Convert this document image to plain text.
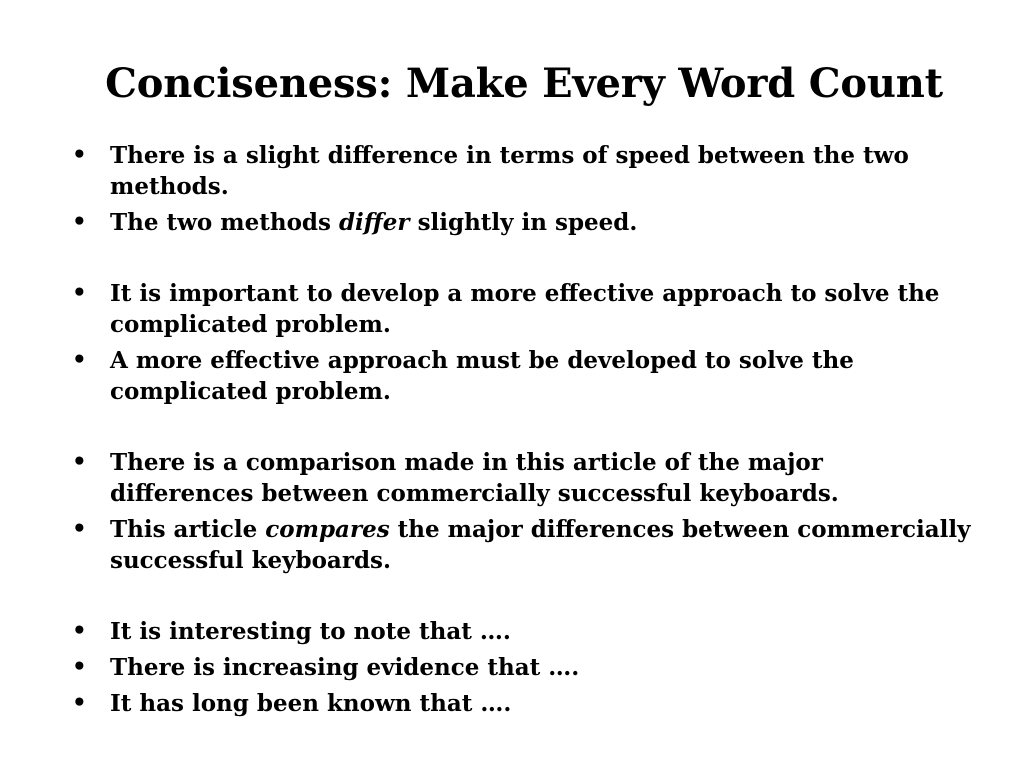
Conciseness: Make Every Word Count
• There is a slight difference in terms of speed between the two methods.
• The two methods differ slightly in speed.
• It is important to develop a more effective approach to solve the complicated problem.
• A more effective approach must be developed to solve the complicated problem.
• There is a comparison made in this article of the major differences between commercially successful keyboards.
• This article compares the major differences between commercially successful keyboards.
• It is interesting to note that ….
• There is increasing evidence that ….
• It has long been known that ….
